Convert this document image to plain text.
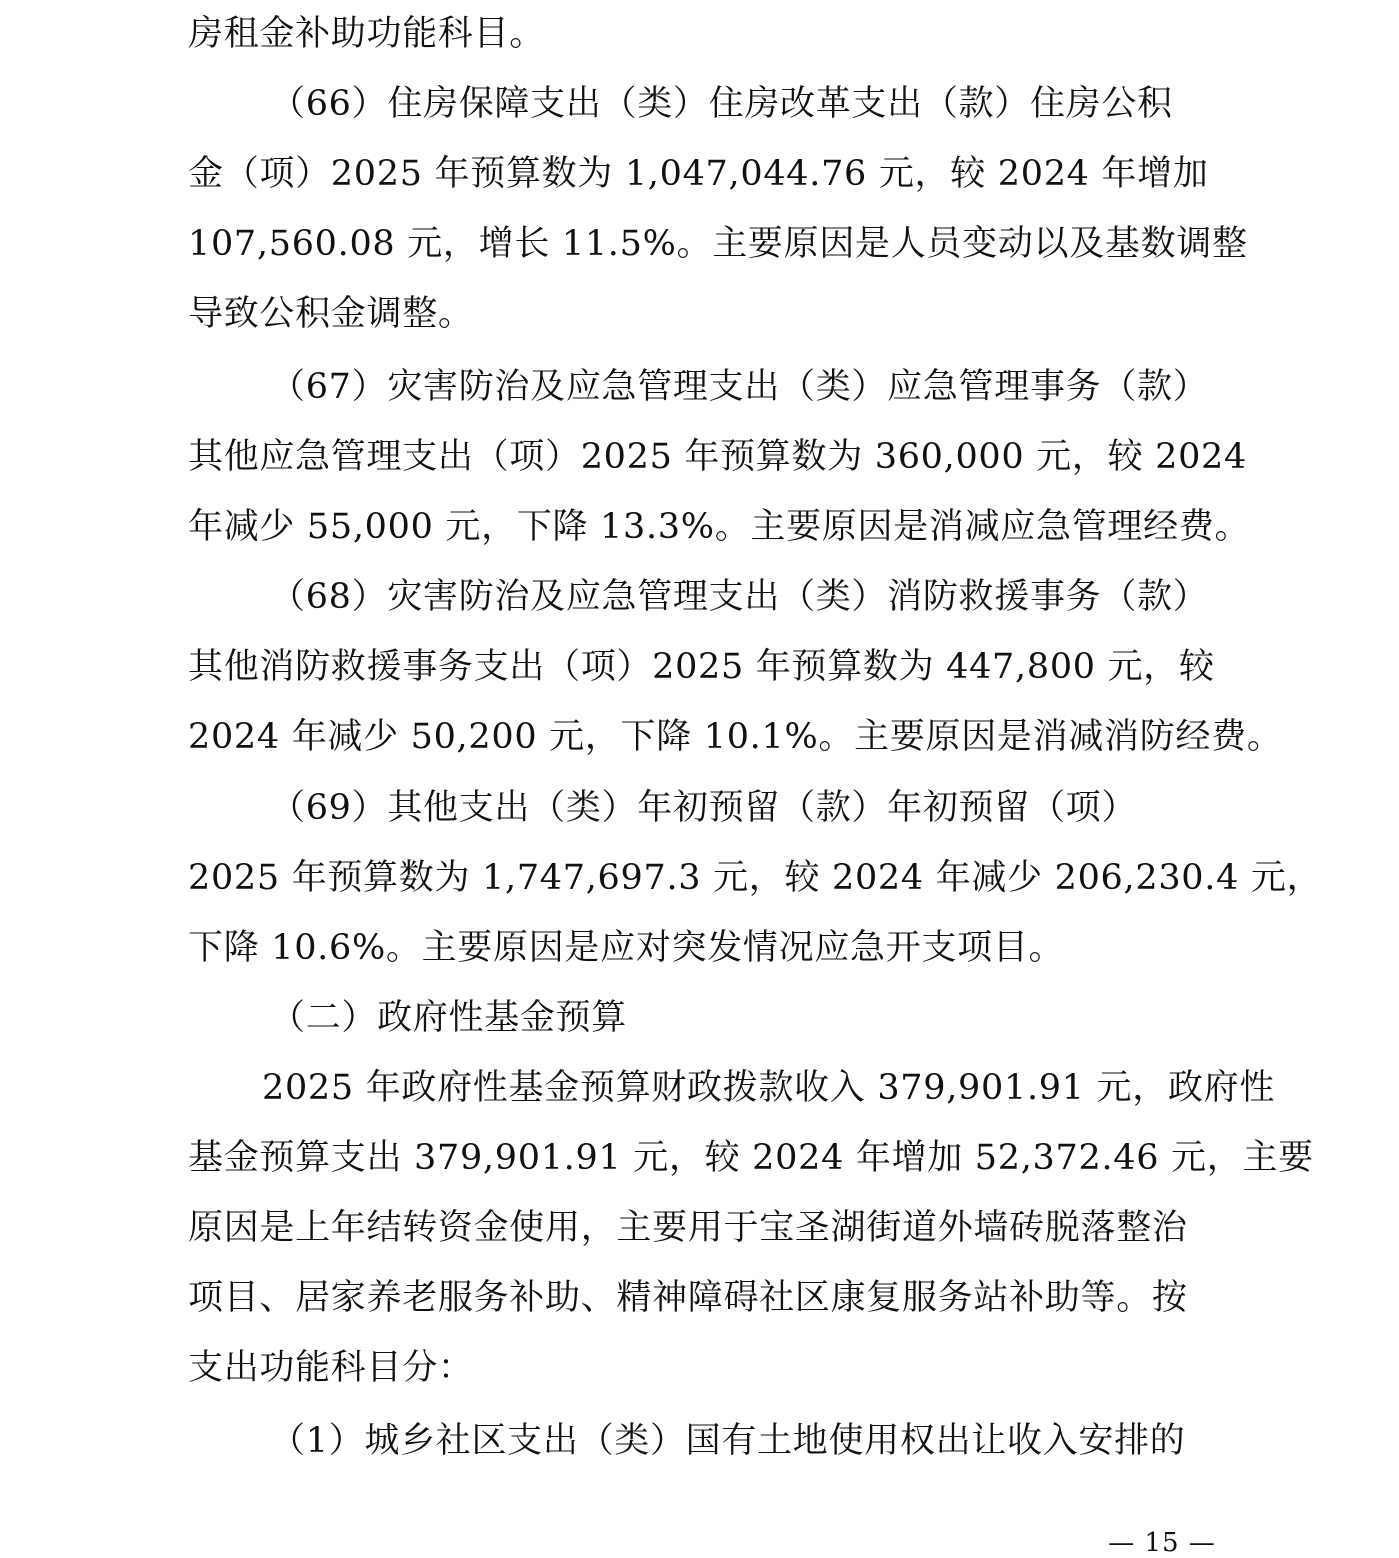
房租金补助功能科目。
（66）住房保障支出（类）住房改革支出（款）住房公积
金（项）2025 年预算数为 1,047,044.76 元，较 2024 年增加
107,560.08 元，增长 11.5%。主要原因是人员变动以及基数调整
导致公积金调整。
（67）灾害防治及应急管理支出（类）应急管理事务（款）
其他应急管理支出（项）2025 年预算数为 360,000 元，较 2024
年减少 55,000 元，下降 13.3%。主要原因是消减应急管理经费。
（68）灾害防治及应急管理支出（类）消防救援事务（款）
其他消防救援事务支出（项）2025 年预算数为 447,800 元，较
2024 年减少 50,200 元，下降 10.1%。主要原因是消减消防经费。
（69）其他支出（类）年初预留（款）年初预留（项）
2025 年预算数为 1,747,697.3 元，较 2024 年减少 206,230.4 元，
下降 10.6%。主要原因是应对突发情况应急开支项目。
（二）政府性基金预算
2025 年政府性基金预算财政拨款收入 379,901.91 元，政府性
基金预算支出 379,901.91 元，较 2024 年增加 52,372.46 元，主要
原因是上年结转资金使用，主要用于宝圣湖街道外墙砖脱落整治
项目、居家养老服务补助、精神障碍社区康复服务站补助等。按
支出功能科目分：
（1）城乡社区支出（类）国有土地使用权出让收入安排的
— 15 —
